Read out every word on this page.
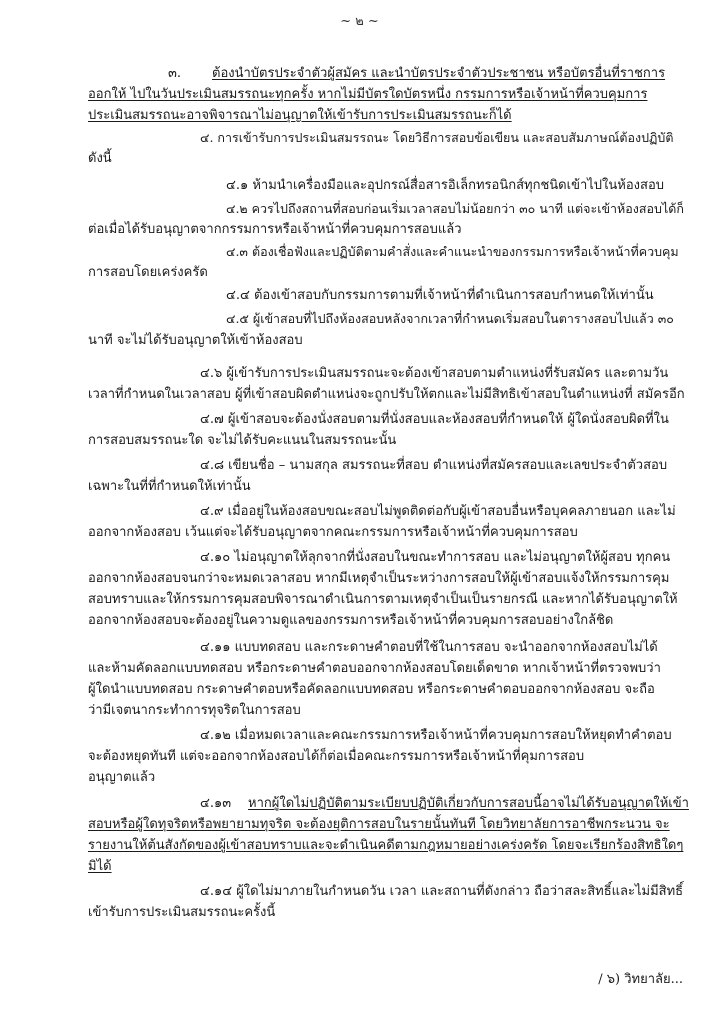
~ ๒ ~
๓. ต้องนำบัตรประจำตัวผู้สมัคร และนำบัตรประจำตัวประชาชน หรือบัตรอื่นที่ราชการ
ออกให้ ไปในวันประเมินสมรรถนะทุกครั้ง หากไม่มีบัตรใดบัตรหนึ่ง กรรมการหรือเจ้าหน้าที่ควบคุมการ
ประเมินสมรรถนะอาจพิจารณาไม่อนุญาตให้เข้ารับการประเมินสมรรถนะก็ได้
๔. การเข้ารับการประเมินสมรรถนะ โดยวิธีการสอบข้อเขียน และสอบสัมภาษณ์ต้องปฏิบัติ
ดังนี้
๔.๑ ห้ามนำเครื่องมือและอุปกรณ์สื่อสารอิเล็กทรอนิกส์ทุกชนิดเข้าไปในห้องสอบ
๔.๒ ควรไปถึงสถานที่สอบก่อนเริ่มเวลาสอบไม่น้อยกว่า ๓๐ นาที แต่จะเข้าห้องสอบได้ก็
ต่อเมื่อได้รับอนุญาตจากกรรมการหรือเจ้าหน้าที่ควบคุมการสอบแล้ว
๔.๓ ต้องเชื่อฟังและปฏิบัติตามคำสั่งและคำแนะนำของกรรมการหรือเจ้าหน้าที่ควบคุม
การสอบโดยเคร่งครัด
๔.๔ ต้องเข้าสอบกับกรรมการตามที่เจ้าหน้าที่ดำเนินการสอบกำหนดให้เท่านั้น
๔.๕ ผู้เข้าสอบที่ไปถึงห้องสอบหลังจากเวลาที่กำหนดเริ่มสอบในตารางสอบไปแล้ว ๓๐
นาที จะไม่ได้รับอนุญาตให้เข้าห้องสอบ
๔.๖ ผู้เข้ารับการประเมินสมรรถนะจะต้องเข้าสอบตามตำแหน่งที่รับสมัคร และตามวัน
เวลาที่กำหนดในเวลาสอบ ผู้ที่เข้าสอบผิดตำแหน่งจะถูกปรับให้ตกและไม่มีสิทธิเข้าสอบในตำแหน่งที่ สมัครอีก
๔.๗ ผู้เข้าสอบจะต้องนั่งสอบตามที่นั่งสอบและห้องสอบที่กำหนดให้ ผู้ใดนั่งสอบผิดที่ใน
การสอบสมรรถนะใด จะไม่ได้รับคะแนนในสมรรถนะนั้น
๔.๘ เขียนชื่อ – นามสกุล สมรรถนะที่สอบ ตำแหน่งที่สมัครสอบและเลขประจำตัวสอบ
เฉพาะในที่ที่กำหนดให้เท่านั้น
๔.๙ เมื่ออยู่ในห้องสอบขณะสอบไม่พูดติดต่อกับผู้เข้าสอบอื่นหรือบุคคลภายนอก และไม่
ออกจากห้องสอบ เว้นแต่จะได้รับอนุญาตจากคณะกรรมการหรือเจ้าหน้าที่ควบคุมการสอบ
๔.๑๐ ไม่อนุญาตให้ลุกจากที่นั่งสอบในขณะทำการสอบ และไม่อนุญาตให้ผู้สอบ ทุกคน
ออกจากห้องสอบจนกว่าจะหมดเวลาสอบ หากมีเหตุจำเป็นระหว่างการสอบให้ผู้เข้าสอบแจ้งให้กรรมการคุม
สอบทราบและให้กรรมการคุมสอบพิจารณาดำเนินการตามเหตุจำเป็นเป็นรายกรณี และหากได้รับอนุญาตให้
ออกจากห้องสอบจะต้องอยู่ในความดูแลของกรรมการหรือเจ้าหน้าที่ควบคุมการสอบอย่างใกล้ชิด
๔.๑๑ แบบทดสอบ และกระดาษคำตอบที่ใช้ในการสอบ จะนำออกจากห้องสอบไม่ได้
และห้ามคัดลอกแบบทดสอบ หรือกระดาษคำตอบออกจากห้องสอบโดยเด็ดขาด หากเจ้าหน้าที่ตรวจพบว่า
ผู้ใดนำแบบทดสอบ กระดาษคำตอบหรือคัดลอกแบบทดสอบ หรือกระดาษคำตอบออกจากห้องสอบ จะถือ
ว่ามีเจตนากระทำการทุจริตในการสอบ
๔.๑๒ เมื่อหมดเวลาและคณะกรรมการหรือเจ้าหน้าที่ควบคุมการสอบให้หยุดทำคำตอบ
จะต้องหยุดทันที แต่จะออกจากห้องสอบได้ก็ต่อเมื่อคณะกรรมการหรือเจ้าหน้าที่คุมการสอบ
อนุญาตแล้ว
๔.๑๓ หากผู้ใดไม่ปฏิบัติตามระเบียบปฏิบัติเกี่ยวกับการสอบนี้อาจไม่ได้รับอนุญาตให้เข้า
สอบหรือผู้ใดทุจริตหรือพยายามทุจริต จะต้องยุติการสอบในรายนั้นทันที โดยวิทยาลัยการอาชีพกระนวน จะ
รายงานให้ต้นสังกัดของผู้เข้าสอบทราบและจะดำเนินคดีตามกฎหมายอย่างเคร่งครัด โดยจะเรียกร้องสิทธิใดๆ
มิได้
๔.๑๔ ผู้ใดไม่มาภายในกำหนดวัน เวลา และสถานที่ดังกล่าว ถือว่าสละสิทธิ์และไม่มีสิทธิ์
เข้ารับการประเมินสมรรถนะครั้งนี้
/ ๖) วิทยาลัย...
